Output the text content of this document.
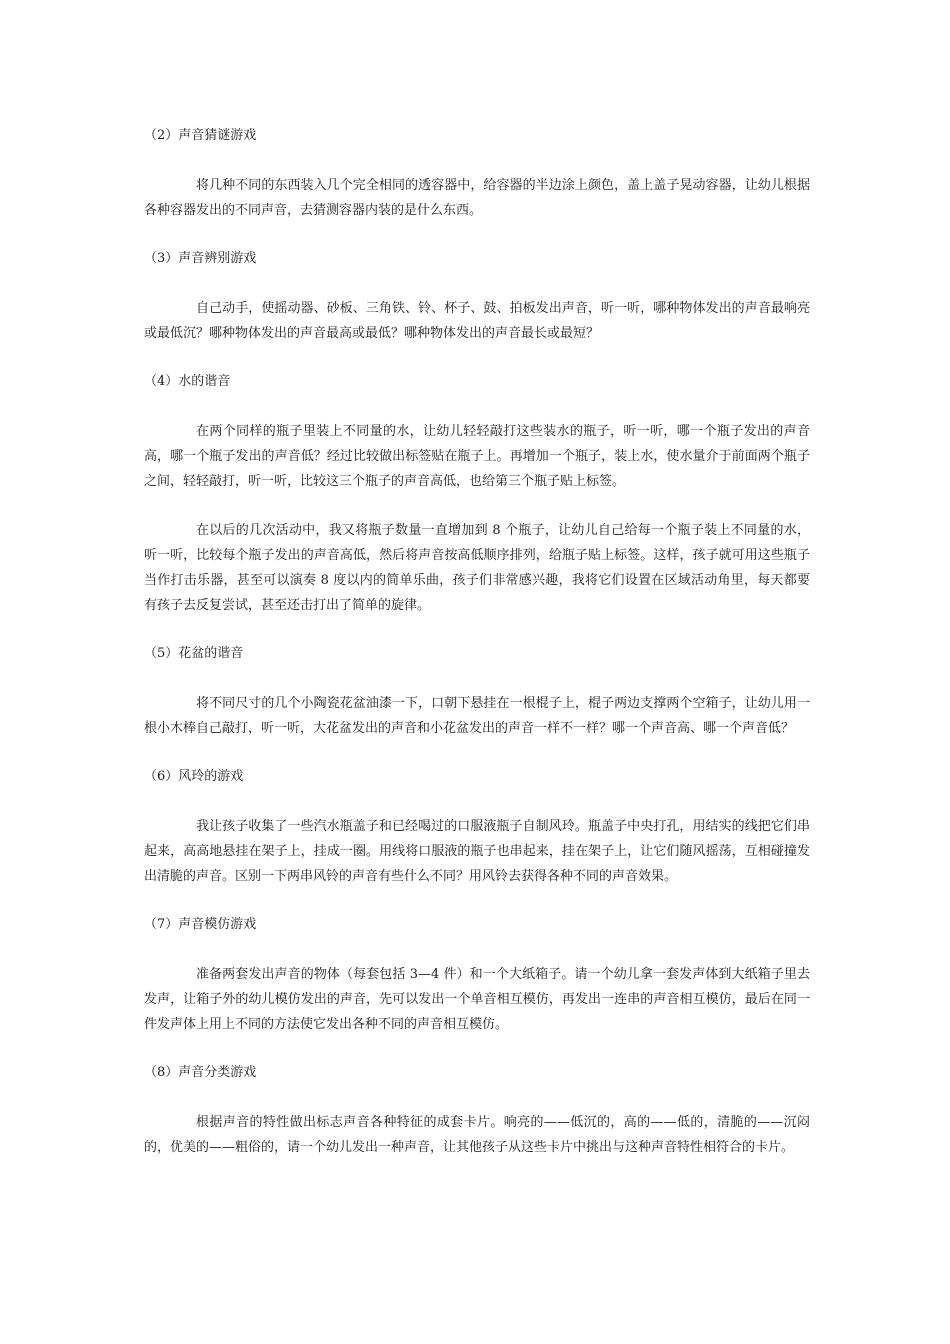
（2）声音猜谜游戏

将几种不同的东西装入几个完全相同的透容器中，给容器的半边涂上颜色，盖上盖子晃动容器，让幼儿根据各种容器发出的不同声音，去猜测容器内装的是什么东西。

（3）声音辨别游戏

自己动手，使摇动器、砂板、三角铁、铃、杯子、鼓、拍板发出声音，听一听，哪种物体发出的声音最响亮或最低沉？哪种物体发出的声音最高或最低？哪种物体发出的声音最长或最短？

（4）水的谐音

在两个同样的瓶子里装上不同量的水，让幼儿轻轻敲打这些装水的瓶子，听一听，哪一个瓶子发出的声音高，哪一个瓶子发出的声音低？经过比较做出标签贴在瓶子上。再增加一个瓶子，装上水，使水量介于前面两个瓶子之间，轻轻敲打，听一听，比较这三个瓶子的声音高低，也给第三个瓶子贴上标签。

在以后的几次活动中，我又将瓶子数量一直增加到 8 个瓶子，让幼儿自己给每一个瓶子装上不同量的水，听一听，比较每个瓶子发出的声音高低，然后将声音按高低顺序排列，给瓶子贴上标签。这样，孩子就可用这些瓶子当作打击乐器，甚至可以演奏 8 度以内的简单乐曲，孩子们非常感兴趣，我将它们设置在区域活动角里，每天都要有孩子去反复尝试，甚至还击打出了简单的旋律。

（5）花盆的谐音

将不同尺寸的几个小陶瓷花盆油漆一下，口朝下悬挂在一根棍子上，棍子两边支撑两个空箱子，让幼儿用一根小木棒自己敲打，听一听，大花盆发出的声音和小花盆发出的声音一样不一样？哪一个声音高、哪一个声音低？

（6）风玲的游戏

我让孩子收集了一些汽水瓶盖子和已经喝过的口服液瓶子自制风玲。瓶盖子中央打孔，用结实的线把它们串起来，高高地悬挂在架子上，挂成一圈。用线将口服液的瓶子也串起来，挂在架子上，让它们随风摇荡，互相碰撞发出清脆的声音。区别一下两串风铃的声音有些什么不同？用风铃去获得各种不同的声音效果。

（7）声音模仿游戏

准备两套发出声音的物体（每套包括 3—4 件）和一个大纸箱子。请一个幼儿拿一套发声体到大纸箱子里去发声，让箱子外的幼儿模仿发出的声音，先可以发出一个单音相互模仿，再发出一连串的声音相互模仿，最后在同一件发声体上用上不同的方法使它发出各种不同的声音相互模仿。

（8）声音分类游戏

根据声音的特性做出标志声音各种特征的成套卡片。响亮的——低沉的，高的——低的，清脆的——沉闷的，优美的——粗俗的，请一个幼儿发出一种声音，让其他孩子从这些卡片中挑出与这种声音特性相符合的卡片。
